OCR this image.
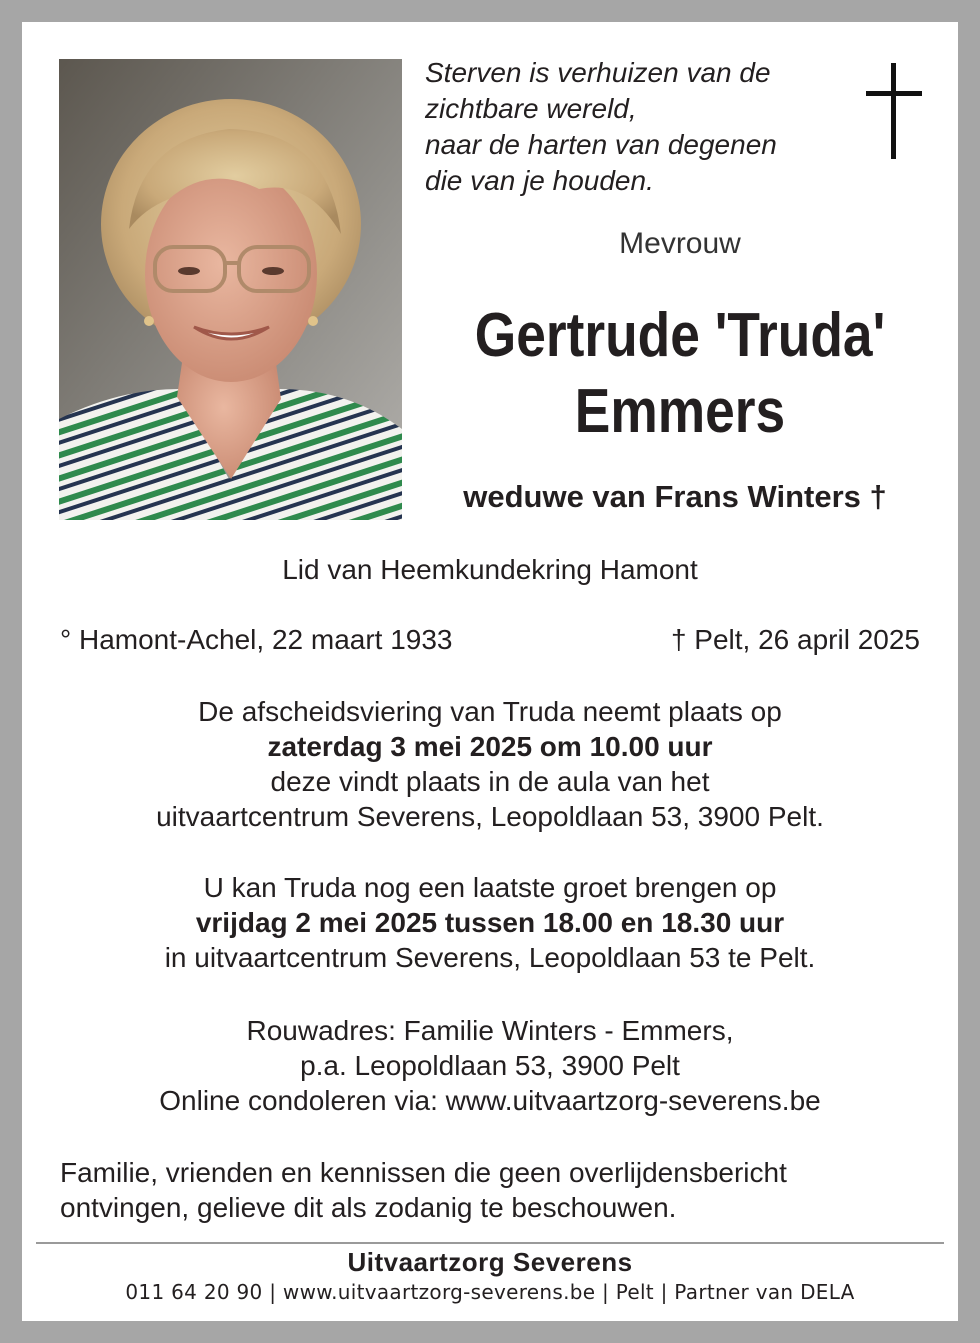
Sterven is verhuizen van de
zichtbare wereld,
naar de harten van degenen
die van je houden.
Mevrouw
Gertrude 'Truda'
Emmers
weduwe van Frans Winters †
Lid van Heemkundekring Hamont
° Hamont-Achel, 22 maart 1933	† Pelt, 26 april 2025
De afscheidsviering van Truda neemt plaats op
zaterdag 3 mei 2025 om 10.00 uur
deze vindt plaats in de aula van het
uitvaartcentrum Severens, Leopoldlaan 53, 3900 Pelt.
U kan Truda nog een laatste groet brengen op
vrijdag 2 mei 2025 tussen 18.00 en 18.30 uur
in uitvaartcentrum Severens, Leopoldlaan 53 te Pelt.
Rouwadres: Familie Winters - Emmers,
p.a. Leopoldlaan 53, 3900 Pelt
Online condoleren via: www.uitvaartzorg-severens.be
Familie, vrienden en kennissen die geen overlijdensbericht
ontvingen, gelieve dit als zodanig te beschouwen.
Uitvaartzorg Severens
011 64 20 90 | www.uitvaartzorg-severens.be | Pelt | Partner van DELA
